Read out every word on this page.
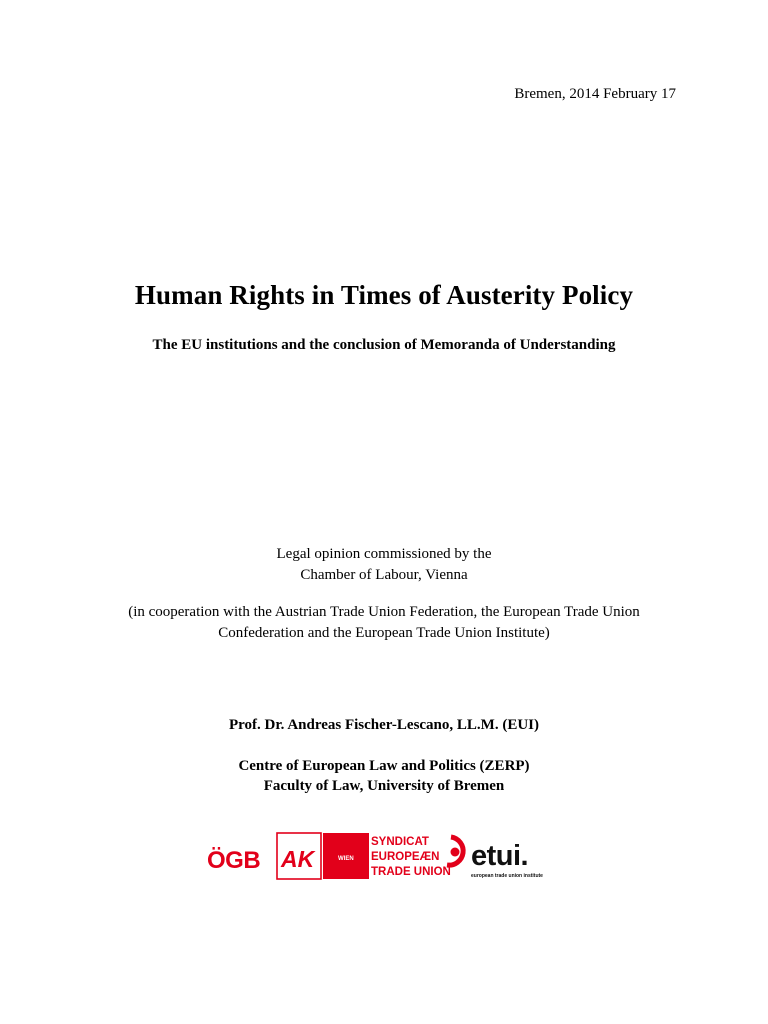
Bremen, 2014 February 17
Human Rights in Times of Austerity Policy
The EU institutions and the conclusion of Memoranda of Understanding
Legal opinion commissioned by the
Chamber of Labour, Vienna
(in cooperation with the Austrian Trade Union Federation, the European Trade Union
Confederation and the European Trade Union Institute)
Prof. Dr. Andreas Fischer-Lescano, LL.M. (EUI)
Centre of European Law and Politics (ZERP)
Faculty of Law, University of Bremen
ÖGB AK	WIEN
SYNDICAT
EUROPEÆN
TRADE UNION etui.
european trade union institute
